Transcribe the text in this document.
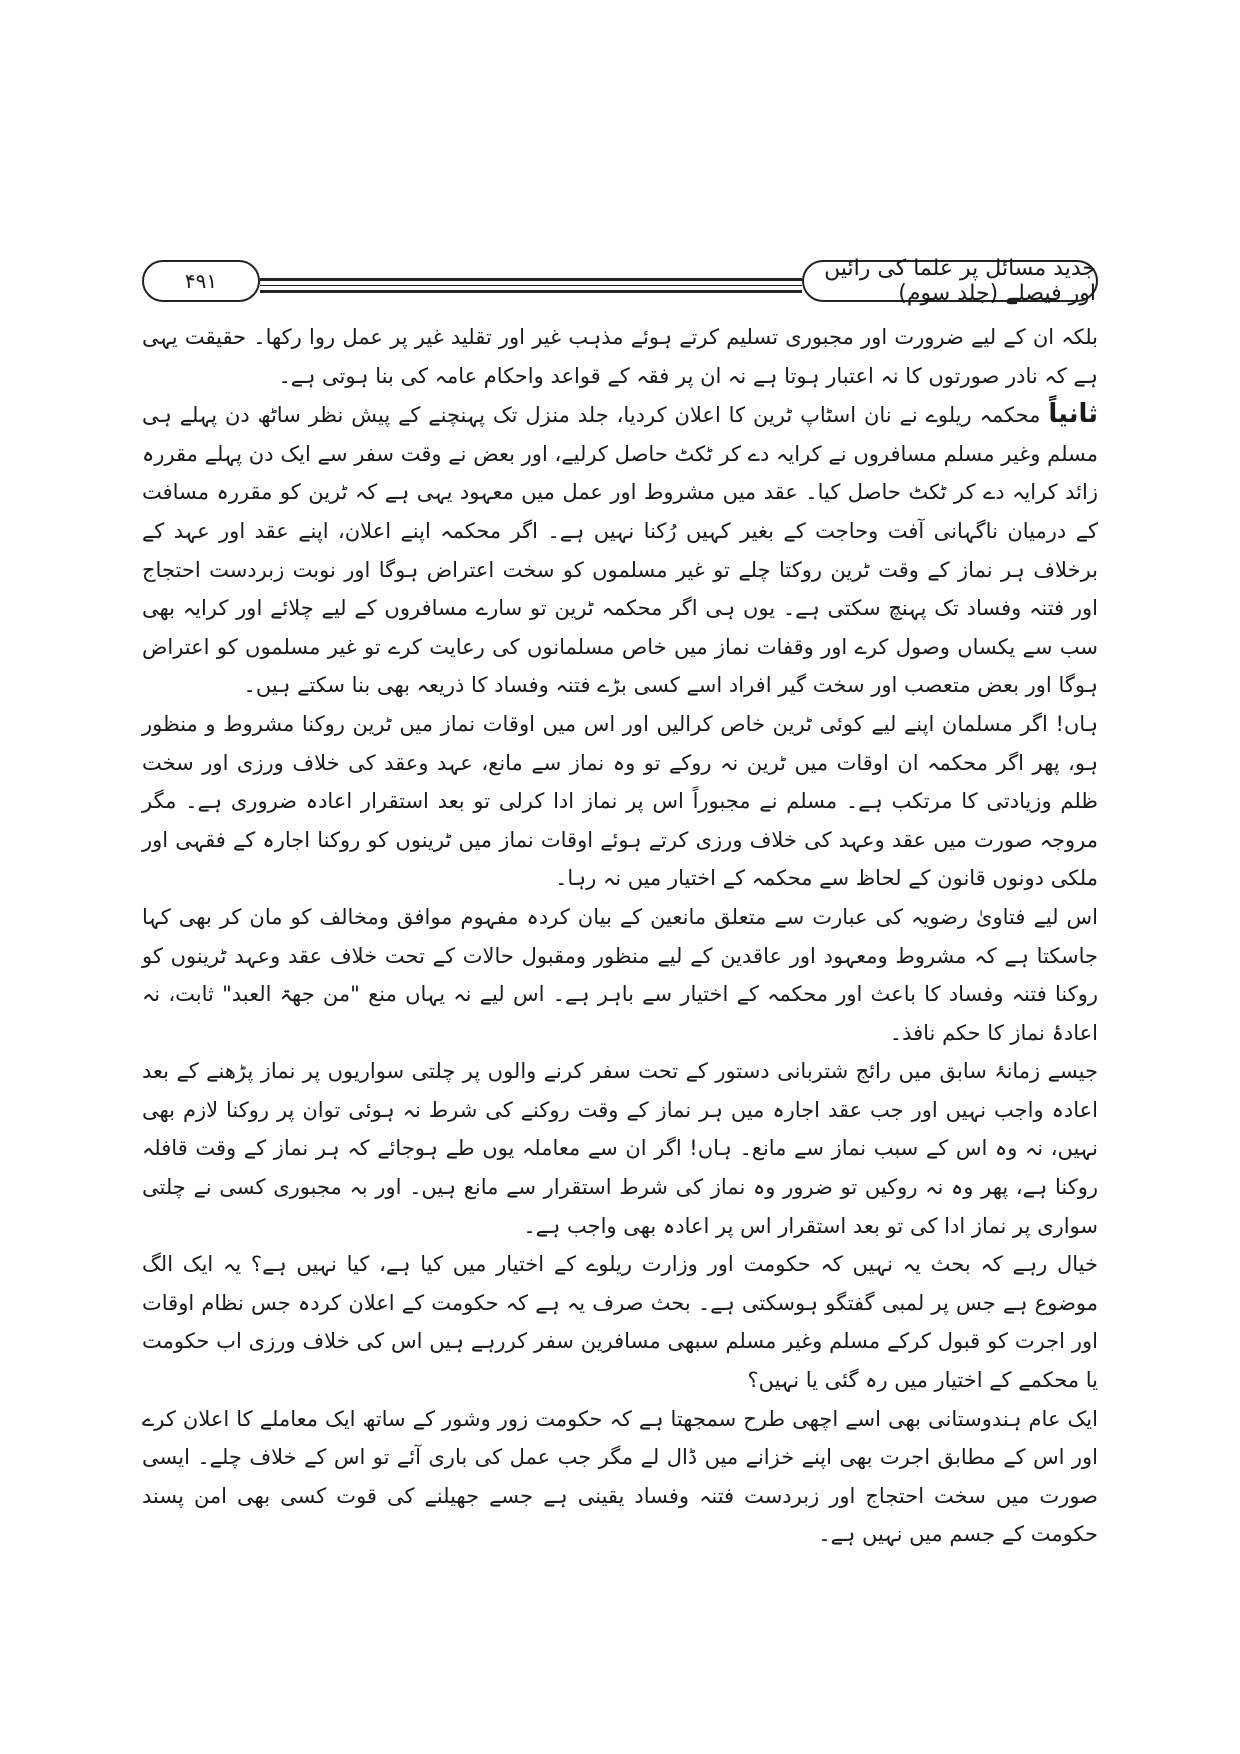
جدید مسائل پر علما کی رائیں اور فیصلے (جلد سوم)
۴۹۱

بلکہ ان کے لیے ضرورت اور مجبوری تسلیم کرتے ہوئے مذہب غیر اور تقلید غیر پر عمل روا رکھا۔ حقیقت یہی ہے کہ نادر صورتوں کا نہ اعتبار ہوتا ہے نہ ان پر فقہ کے قواعد واحکام عامہ کی بنا ہوتی ہے۔

ثانیاً محکمہ ریلوے نے نان اسٹاپ ٹرین کا اعلان کردیا، جلد منزل تک پہنچنے کے پیش نظر ساٹھ دن پہلے ہی مسلم وغیر مسلم مسافروں نے کرایہ دے کر ٹکٹ حاصل کرلیے، اور بعض نے وقت سفر سے ایک دن پہلے مقررہ زائد کرایہ دے کر ٹکٹ حاصل کیا۔ عقد میں مشروط اور عمل میں معہود یہی ہے کہ ٹرین کو مقررہ مسافت کے درمیان ناگہانی آفت وحاجت کے بغیر کہیں رُکنا نہیں ہے۔ اگر محکمہ اپنے اعلان، اپنے عقد اور عہد کے برخلاف ہر نماز کے وقت ٹرین روکتا چلے تو غیر مسلموں کو سخت اعتراض ہوگا اور نوبت زبردست احتجاج اور فتنہ وفساد تک پہنچ سکتی ہے۔ یوں ہی اگر محکمہ ٹرین تو سارے مسافروں کے لیے چلائے اور کرایہ بھی سب سے یکساں وصول کرے اور وقفات نماز میں خاص مسلمانوں کی رعایت کرے تو غیر مسلموں کو اعتراض ہوگا اور بعض متعصب اور سخت گیر افراد اسے کسی بڑے فتنہ وفساد کا ذریعہ بھی بنا سکتے ہیں۔

ہاں! اگر مسلمان اپنے لیے کوئی ٹرین خاص کرالیں اور اس میں اوقات نماز میں ٹرین روکنا مشروط و منظور ہو، پھر اگر محکمہ ان اوقات میں ٹرین نہ روکے تو وہ نماز سے مانع، عہد وعقد کی خلاف ورزی اور سخت ظلم وزیادتی کا مرتکب ہے۔ مسلم نے مجبوراً اس پر نماز ادا کرلی تو بعد استقرار اعادہ ضروری ہے۔ مگر مروجہ صورت میں عقد وعہد کی خلاف ورزی کرتے ہوئے اوقات نماز میں ٹرینوں کو روکنا اجارہ کے فقہی اور ملکی دونوں قانون کے لحاظ سے محکمہ کے اختیار میں نہ رہا۔

اس لیے فتاویٰ رضویہ کی عبارت سے متعلق مانعین کے بیان کردہ مفہوم موافق ومخالف کو مان کر بھی کہا جاسکتا ہے کہ مشروط ومعہود اور عاقدین کے لیے منظور ومقبول حالات کے تحت خلاف عقد وعہد ٹرینوں کو روکنا فتنہ وفساد کا باعث اور محکمہ کے اختیار سے باہر ہے۔ اس لیے نہ یہاں منع "من جھۃ العبد" ثابت، نہ اعادۂ نماز کا حکم نافذ۔

جیسے زمانۂ سابق میں رائج شتربانی دستور کے تحت سفر کرنے والوں پر چلتی سواریوں پر نماز پڑھنے کے بعد اعادہ واجب نہیں اور جب عقد اجارہ میں ہر نماز کے وقت روکنے کی شرط نہ ہوئی توان پر روکنا لازم بھی نہیں، نہ وہ اس کے سبب نماز سے مانع۔ ہاں! اگر ان سے معاملہ یوں طے ہوجائے کہ ہر نماز کے وقت قافلہ روکنا ہے، پھر وہ نہ روکیں تو ضرور وہ نماز کی شرط استقرار سے مانع ہیں۔ اور بہ مجبوری کسی نے چلتی سواری پر نماز ادا کی تو بعد استقرار اس پر اعادہ بھی واجب ہے۔

خیال رہے کہ بحث یہ نہیں کہ حکومت اور وزارت ریلوے کے اختیار میں کیا ہے، کیا نہیں ہے؟ یہ ایک الگ موضوع ہے جس پر لمبی گفتگو ہوسکتی ہے۔ بحث صرف یہ ہے کہ حکومت کے اعلان کردہ جس نظام اوقات اور اجرت کو قبول کرکے مسلم وغیر مسلم سبھی مسافرین سفر کررہے ہیں اس کی خلاف ورزی اب حکومت یا محکمے کے اختیار میں رہ گئی یا نہیں؟

ایک عام ہندوستانی بھی اسے اچھی طرح سمجھتا ہے کہ حکومت زور وشور کے ساتھ ایک معاملے کا اعلان کرے اور اس کے مطابق اجرت بھی اپنے خزانے میں ڈال لے مگر جب عمل کی باری آئے تو اس کے خلاف چلے۔ ایسی صورت میں سخت احتجاج اور زبردست فتنہ وفساد یقینی ہے جسے جھیلنے کی قوت کسی بھی امن پسند حکومت کے جسم میں نہیں ہے۔
